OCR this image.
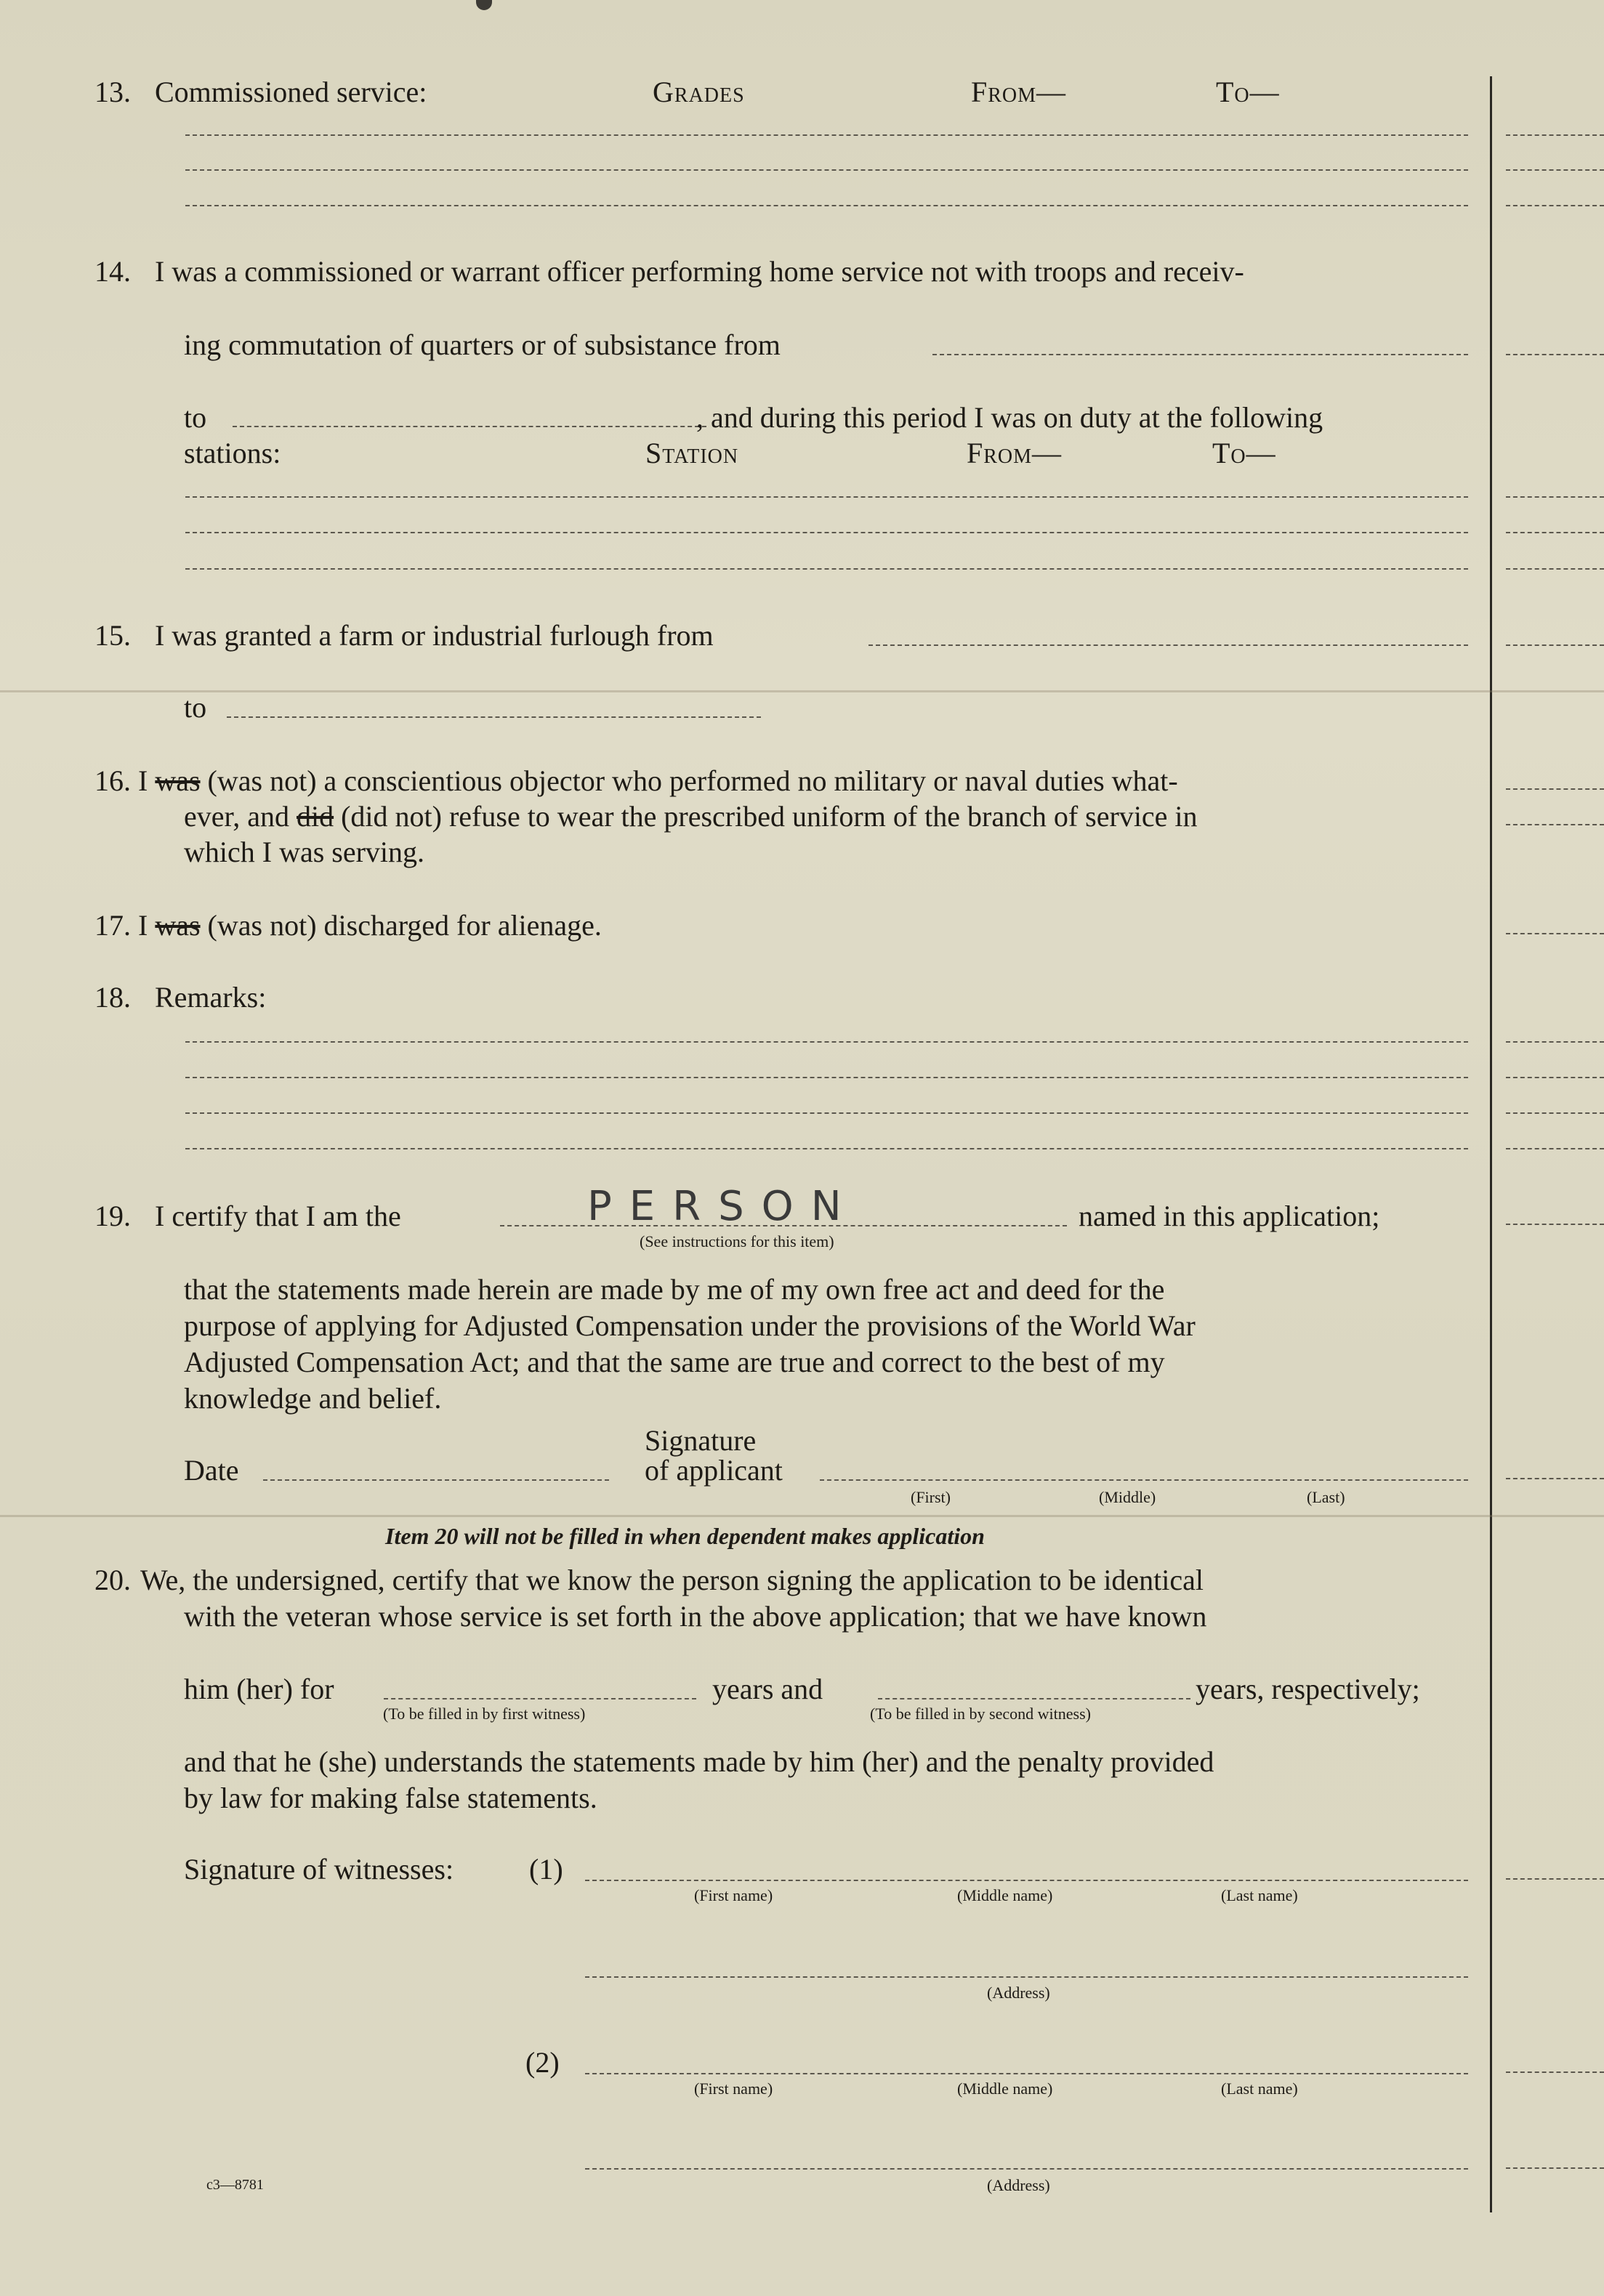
13. Commissioned service:	Grades	From—	To—
14. I was a commissioned or warrant officer performing home service not with troops and receiv-
ing commutation of quarters or of subsistance from
to	, and during this period I was on duty at the following
stations:	Station	From—	To—
15. I was granted a farm or industrial furlough from
to
16. I was (was not) a conscientious objector who performed no military or naval duties what-
ever, and did (did not) refuse to wear the prescribed uniform of the branch of service in
which I was serving.
17. I was (was not) discharged for alienage.
18. Remarks:
19. I certify that I am the	PERSON	named in this application;
(See instructions for this item)
that the statements made herein are made by me of my own free act and deed for the
purpose of applying for Adjusted Compensation under the provisions of the World War
Adjusted Compensation Act; and that the same are true and correct to the best of my
knowledge and belief.
Signature
Date	of applicant
(First)	(Middle)	(Last)
Item 20 will not be filled in when dependent makes application
20. We, the undersigned, certify that we know the person signing the application to be identical
with the veteran whose service is set forth in the above application; that we have known
him (her) for	years and	years, respectively;
(To be filled in by first witness)	(To be filled in by second witness)
and that he (she) understands the statements made by him (her) and the penalty provided
by law for making false statements.
Signature of witnesses:	(1)
(First name)	(Middle name)	(Last name)
(Address)
(2)
(First name)	(Middle name)	(Last name)
(Address)
c3—8781
